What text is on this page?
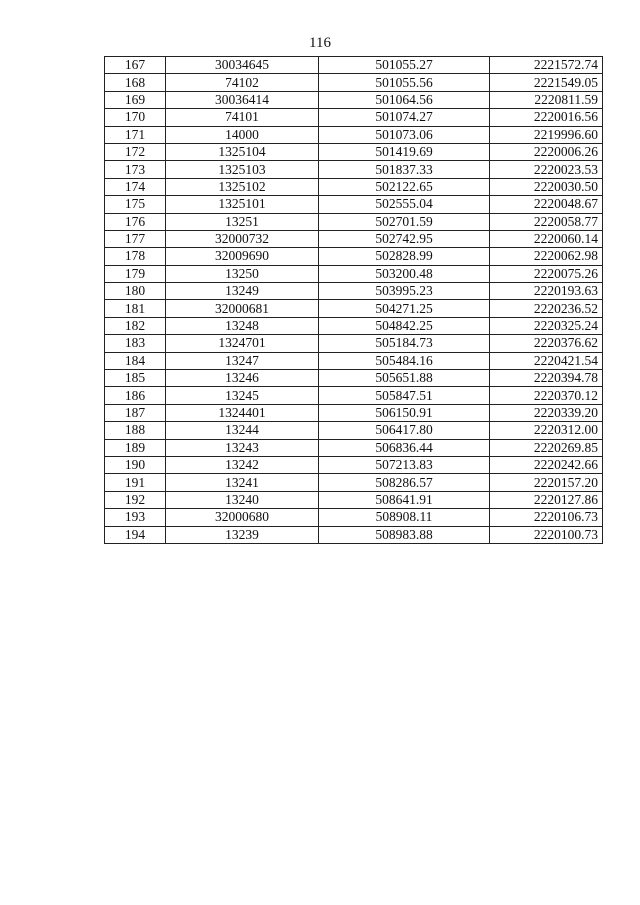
116
167	30034645	501055.27	2221572.74
168	74102	501055.56	2221549.05
169	30036414	501064.56	2220811.59
170	74101	501074.27	2220016.56
171	14000	501073.06	2219996.60
172	1325104	501419.69	2220006.26
173	1325103	501837.33	2220023.53
174	1325102	502122.65	2220030.50
175	1325101	502555.04	2220048.67
176	13251	502701.59	2220058.77
177	32000732	502742.95	2220060.14
178	32009690	502828.99	2220062.98
179	13250	503200.48	2220075.26
180	13249	503995.23	2220193.63
181	32000681	504271.25	2220236.52
182	13248	504842.25	2220325.24
183	1324701	505184.73	2220376.62
184	13247	505484.16	2220421.54
185	13246	505651.88	2220394.78
186	13245	505847.51	2220370.12
187	1324401	506150.91	2220339.20
188	13244	506417.80	2220312.00
189	13243	506836.44	2220269.85
190	13242	507213.83	2220242.66
191	13241	508286.57	2220157.20
192	13240	508641.91	2220127.86
193	32000680	508908.11	2220106.73
194	13239	508983.88	2220100.73
